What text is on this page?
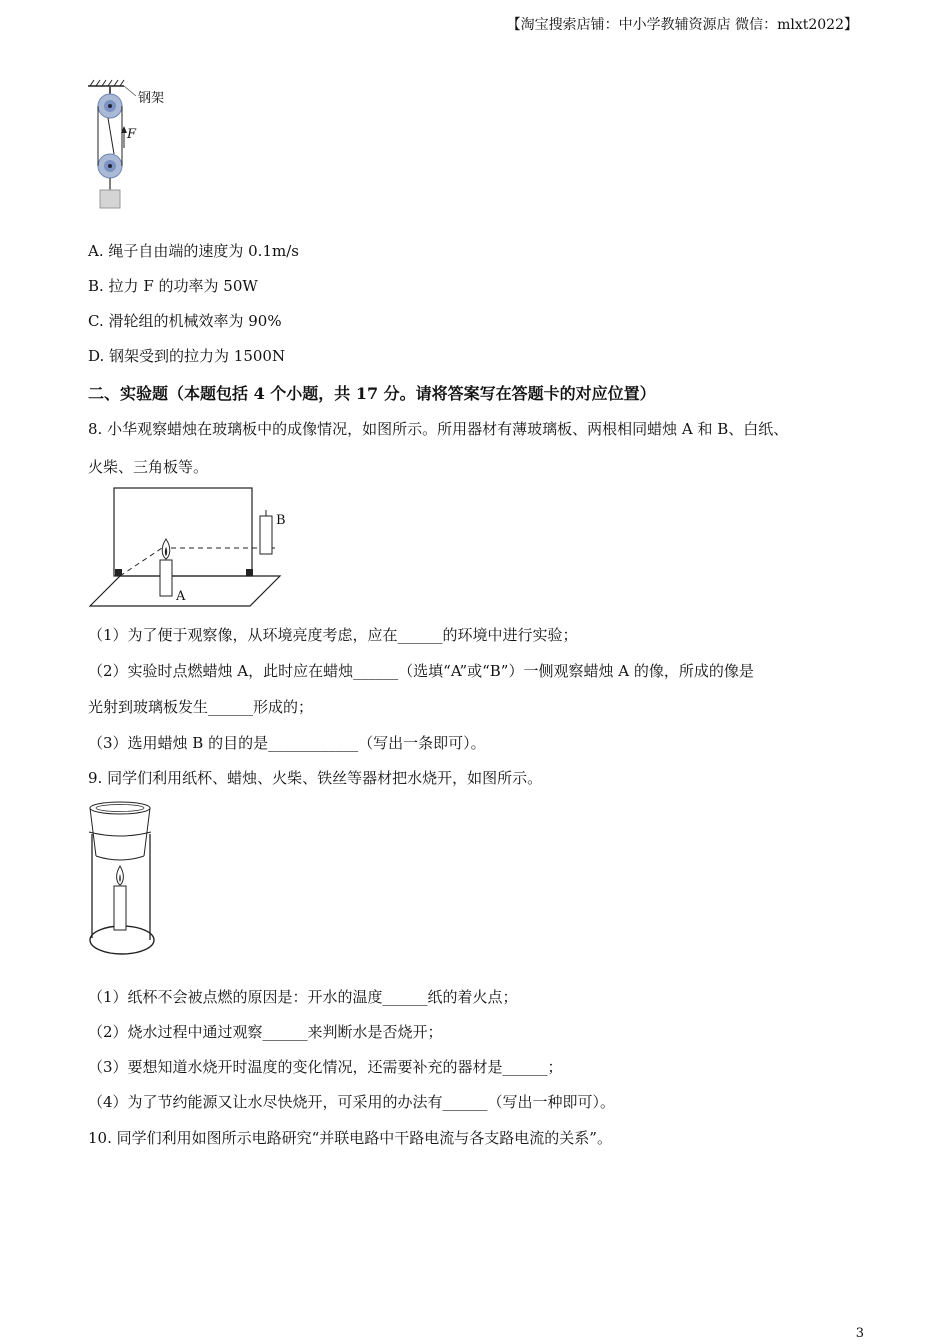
【淘宝搜索店铺：中小学教辅资源店 微信：mlxt2022】
钢架
F
A. 绳子自由端的速度为 0.1m/s
B. 拉力 F 的功率为 50W
C. 滑轮组的机械效率为 90%
D. 钢架受到的拉力为 1500N
二、实验题（本题包括 4 个小题，共 17 分。请将答案写在答题卡的对应位置）
8. 小华观察蜡烛在玻璃板中的成像情况，如图所示。所用器材有薄玻璃板、两根相同蜡烛 A 和 B、白纸、
火柴、三角板等。
A
B
（1）为了便于观察像，从环境亮度考虑，应在______的环境中进行实验；
（2）实验时点燃蜡烛 A，此时应在蜡烛______（选填“A”或“B”）一侧观察蜡烛 A 的像，所成的像是
光射到玻璃板发生______形成的；
（3）选用蜡烛 B 的目的是____________（写出一条即可）。
9. 同学们利用纸杯、蜡烛、火柴、铁丝等器材把水烧开，如图所示。
（1）纸杯不会被点燃的原因是：开水的温度______纸的着火点；
（2）烧水过程中通过观察______来判断水是否烧开；
（3）要想知道水烧开时温度的变化情况，还需要补充的器材是______；
（4）为了节约能源又让水尽快烧开，可采用的办法有______（写出一种即可）。
10. 同学们利用如图所示电路研究“并联电路中干路电流与各支路电流的关系”。
3
